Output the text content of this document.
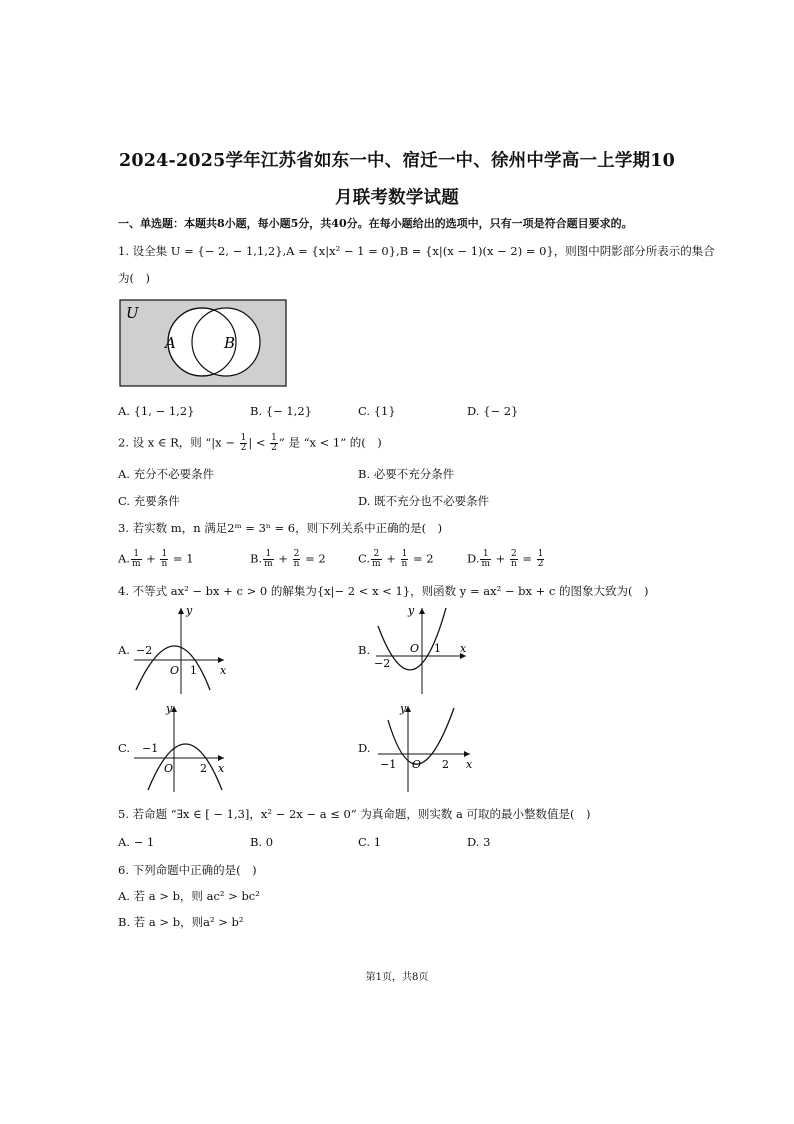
2024-2025学年江苏省如东一中、宿迁一中、徐州中学高一上学期10
月联考数学试题
一、单选题：本题共8小题，每小题5分，共40分。在每小题给出的选项中，只有一项是符合题目要求的。
1. 设全集 U = {− 2, − 1,1,2},A = {x|x² − 1 = 0},B = {x|(x − 1)(x − 2) = 0}，则图中阴影部分所表示的集合
为(　)
U
A	B
A. {1, − 1,2}	B. {− 1,2}	C. {1}	D. {− 2}
2. 设 x ∈ R，则 “$|x - \frac{1}{2}$ | < $\frac{1}{2}$ ” 是 “x < 1” 的(　)
A. 充分不必要条件	B. 必要不充分条件
C. 充要条件	D. 既不充分也不必要条件
3. 若实数 m，n 满足2ᵐ = 3ⁿ = 6，则下列关系中正确的是(　)
A. $\frac{1}{m} + \frac{1}{n} = 1$	B. $\frac{1}{m} + \frac{2}{n} = 2$	C. $\frac{2}{m} + \frac{1}{n} = 2$	D. $\frac{1}{m} + \frac{2}{n} = \frac{1}{2}$
4. 不等式 ax² − bx + c > 0 的解集为{x|− 2 < x < 1}，则函数 y = ax² − bx + c 的图象大致为(　)
A.
y
x
O
−2
1
B.
y
x
O
−2
1
C.
y
x
O
−1
2
D.
y
x
O
−1	2
5. 若命题 “∃x ∈ [ − 1,3]，x² − 2x − a ≤ 0” 为真命题，则实数 a 可取的最小整数值是(　)
A. − 1	B. 0	C. 1	D. 3
6. 下列命题中正确的是(　)
A. 若 a > b，则 ac² > bc²
B. 若 a > b，则a² > b²
第1页，共8页
